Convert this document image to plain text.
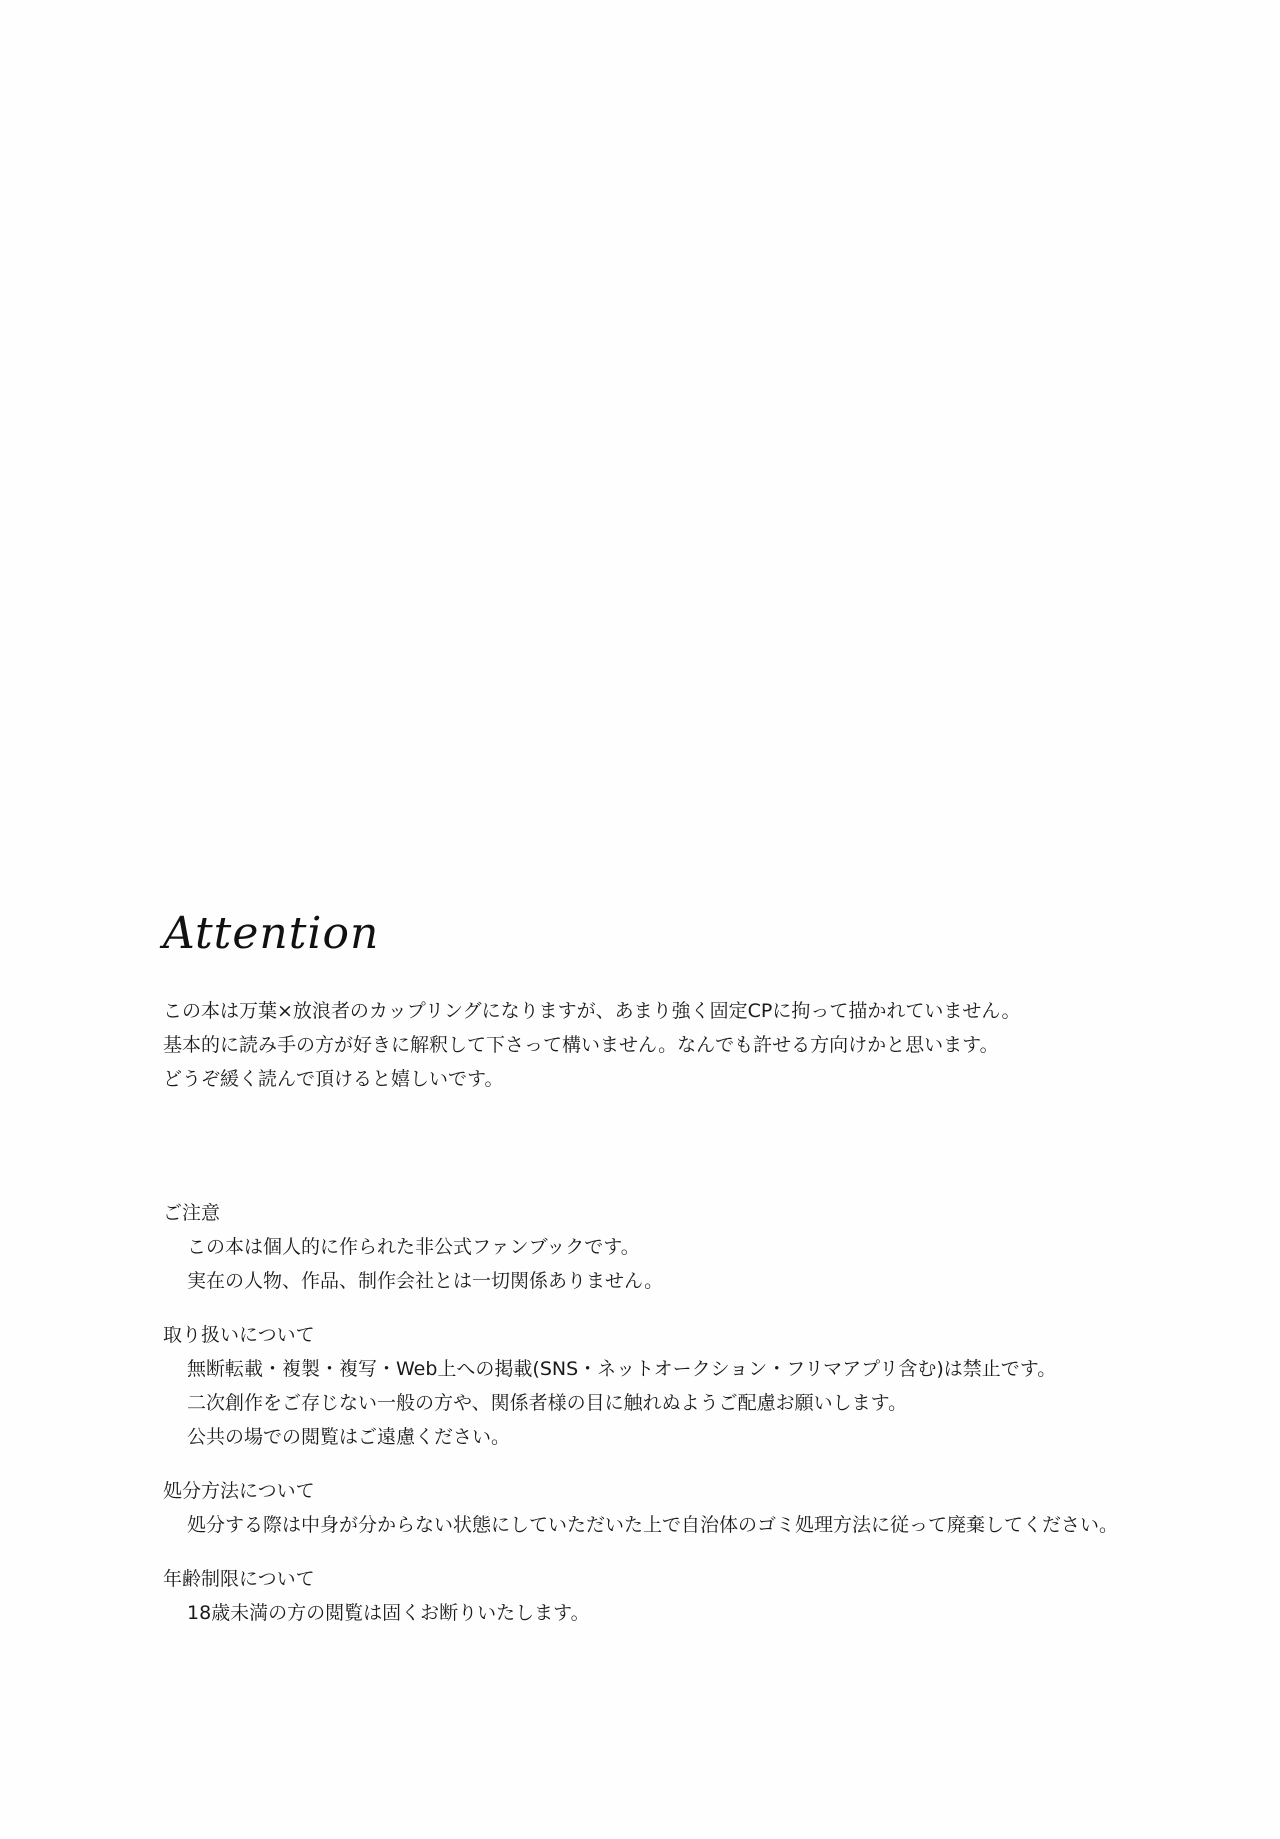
Attention

この本は万葉×放浪者のカップリングになりますが、あまり強く固定CPに拘って描かれていません。

基本的に読み手の方が好きに解釈して下さって構いません。なんでも許せる方向けかと思います。

どうぞ緩く読んで頂けると嬉しいです。

ご注意
この本は個人的に作られた非公式ファンブックです。
実在の人物、作品、制作会社とは一切関係ありません。
取り扱いについて
無断転載・複製・複写・Web上への掲載(SNS・ネットオークション・フリマアプリ含む)は禁止です。
二次創作をご存じない一般の方や、関係者様の目に触れぬようご配慮お願いします。
公共の場での閲覧はご遠慮ください。
処分方法について
処分する際は中身が分からない状態にしていただいた上で自治体のゴミ処理方法に従って廃棄してください。
年齢制限について
18歳未満の方の閲覧は固くお断りいたします。
